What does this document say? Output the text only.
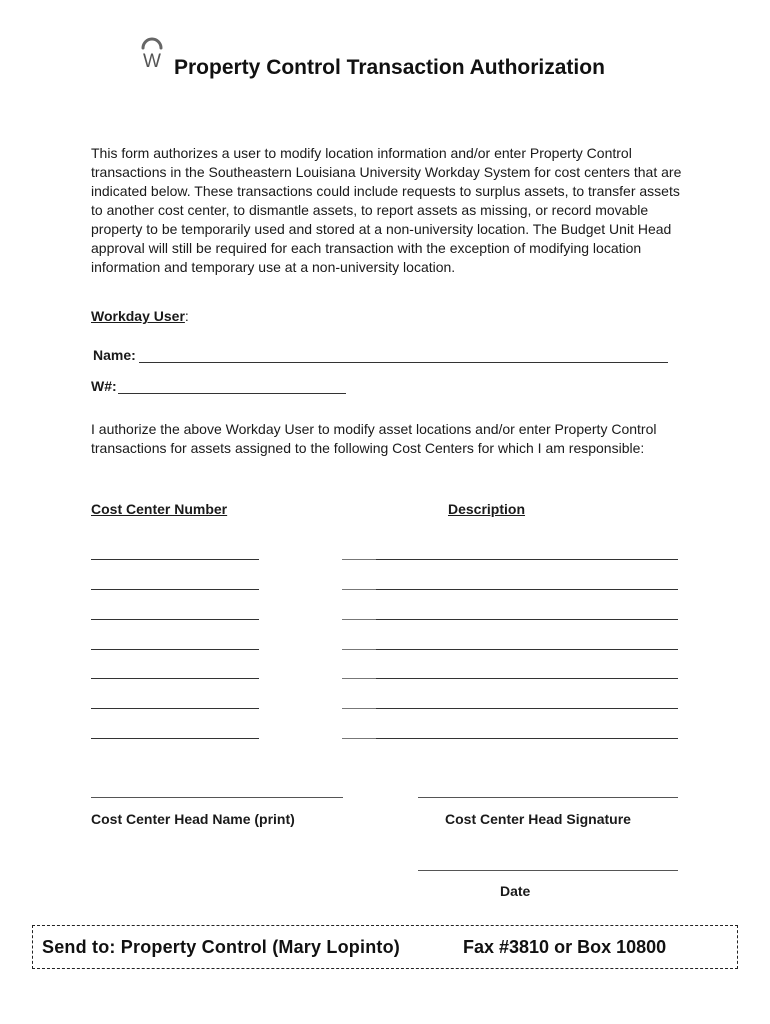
W Property Control Transaction Authorization

This form authorizes a user to modify location information and/or enter Property Control transactions in the Southeastern Louisiana University Workday System for cost centers that are indicated below. These transactions could include requests to surplus assets, to transfer assets to another cost center, to dismantle assets, to report assets as missing, or record movable property to be temporarily used and stored at a non-university location. The Budget Unit Head approval will still be required for each transaction with the exception of modifying location information and temporary use at a non-university location.

Workday User:
Name:
W#:

I authorize the above Workday User to modify asset locations and/or enter Property Control transactions for assets assigned to the following Cost Centers for which I am responsible:

Cost Center Number	Description
Cost Center Head Name (print)	Cost Center Head Signature
Date
Send to: Property Control (Mary Lopinto)	Fax #3810 or Box 10800
